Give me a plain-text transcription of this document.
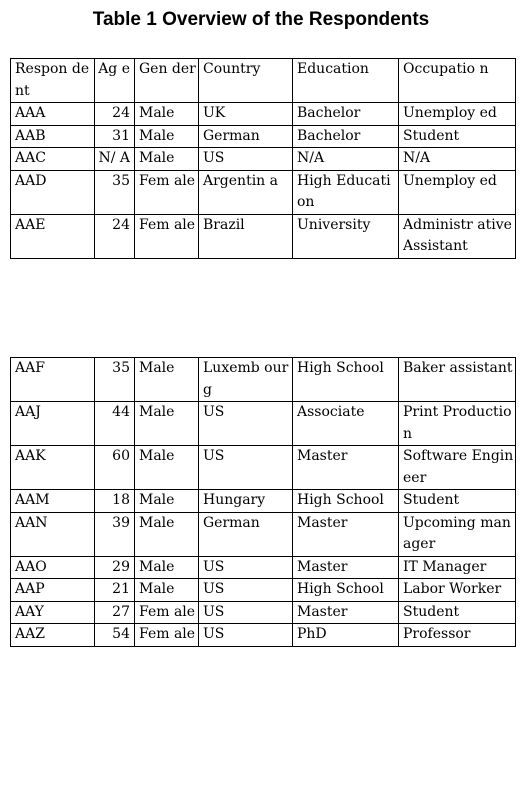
Table 1 Overview of the Respondents
Respon dent	Ag e	Gen der	Country	Education	Occupatio n
AAA	24	Male	UK	Bachelor	Unemploy ed
AAB	31	Male	German	Bachelor	Student
AAC	N/ A	Male	US	N/A	N/A
AAD	35	Fem ale	Argentin a	High Education	Unemploy ed
AAE	24	Fem ale	Brazil	University	Administr ative Assistant
AAF	35	Male	Luxemb ourg	High School	Baker assistant
AAJ	44	Male	US	Associate	Print Productio n
AAK	60	Male	US	Master	Software Engineer
AAM	18	Male	Hungary	High School	Student
AAN	39	Male	German	Master	Upcoming manager
AAO	29	Male	US	Master	IT Manager
AAP	21	Male	US	High School	Labor Worker
AAY	27	Fem ale	US	Master	Student
AAZ	54	Fem ale	US	PhD	Professor
